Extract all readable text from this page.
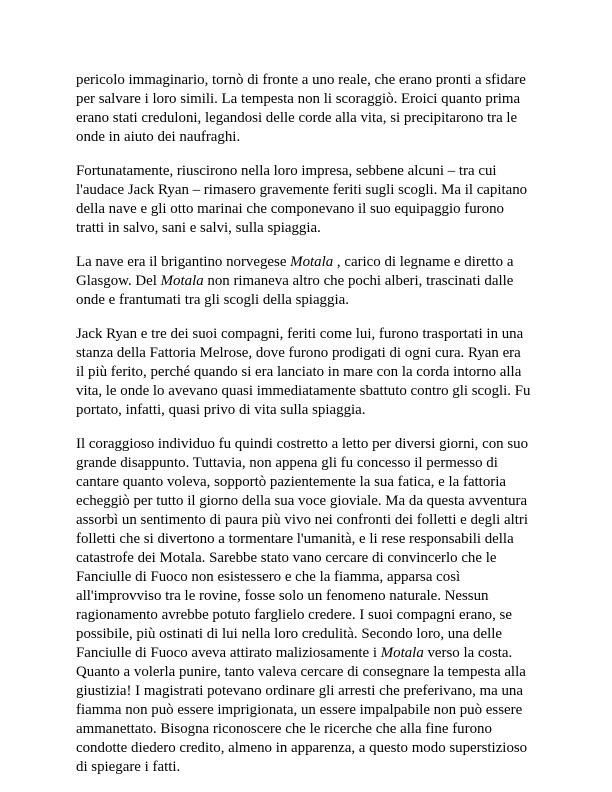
pericolo immaginario, tornò di fronte a uno reale, che erano pronti a sfidare
per salvare i loro simili. La tempesta non li scoraggiò. Eroici quanto prima
erano stati creduloni, legandosi delle corde alla vita, si precipitarono tra le
onde in aiuto dei naufraghi.

Fortunatamente, riuscirono nella loro impresa, sebbene alcuni – tra cui
l'audace Jack Ryan – rimasero gravemente feriti sugli scogli. Ma il capitano
della nave e gli otto marinai che componevano il suo equipaggio furono
tratti in salvo, sani e salvi, sulla spiaggia.

La nave era il brigantino norvegese Motala , carico di legname e diretto a
Glasgow. Del Motala non rimaneva altro che pochi alberi, trascinati dalle
onde e frantumati tra gli scogli della spiaggia.

Jack Ryan e tre dei suoi compagni, feriti come lui, furono trasportati in una
stanza della Fattoria Melrose, dove furono prodigati di ogni cura. Ryan era
il più ferito, perché quando si era lanciato in mare con la corda intorno alla
vita, le onde lo avevano quasi immediatamente sbattuto contro gli scogli. Fu
portato, infatti, quasi privo di vita sulla spiaggia.

Il coraggioso individuo fu quindi costretto a letto per diversi giorni, con suo
grande disappunto. Tuttavia, non appena gli fu concesso il permesso di
cantare quanto voleva, sopportò pazientemente la sua fatica, e la fattoria
echeggiò per tutto il giorno della sua voce gioviale. Ma da questa avventura
assorbì un sentimento di paura più vivo nei confronti dei folletti e degli altri
folletti che si divertono a tormentare l'umanità, e li rese responsabili della
catastrofe dei Motala. Sarebbe stato vano cercare di convincerlo che le
Fanciulle di Fuoco non esistessero e che la fiamma, apparsa così
all'improvviso tra le rovine, fosse solo un fenomeno naturale. Nessun
ragionamento avrebbe potuto farglielo credere. I suoi compagni erano, se
possibile, più ostinati di lui nella loro credulità. Secondo loro, una delle
Fanciulle di Fuoco aveva attirato maliziosamente i Motala verso la costa.
Quanto a volerla punire, tanto valeva cercare di consegnare la tempesta alla
giustizia! I magistrati potevano ordinare gli arresti che preferivano, ma una
fiamma non può essere imprigionata, un essere impalpabile non può essere
ammanettato. Bisogna riconoscere che le ricerche che alla fine furono
condotte diedero credito, almeno in apparenza, a questo modo superstizioso
di spiegare i fatti.
